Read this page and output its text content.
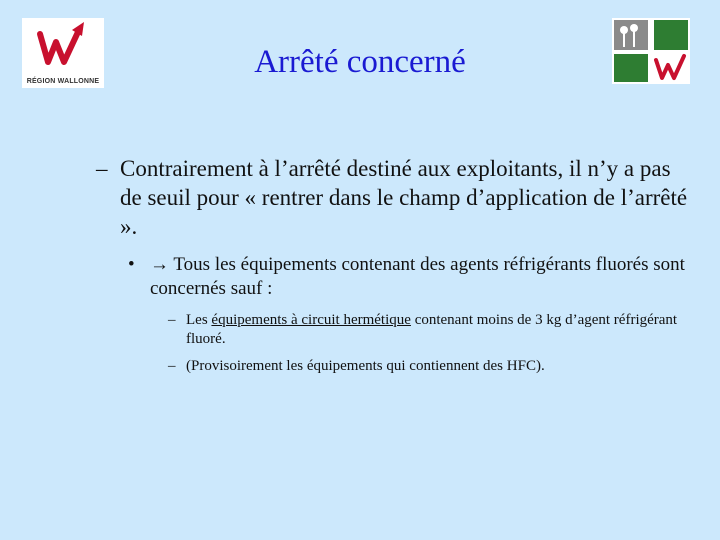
RÉGION WALLONNE
Arrêté concerné
– Contrairement à l’arrêté destiné aux exploitants, il n’y a pas de seuil pour « rentrer dans le champ d’application de l’arrêté ».
• → Tous les équipements contenant des agents réfrigérants fluorés sont concernés sauf :
– Les équipements à circuit hermétique contenant moins de 3 kg d’agent réfrigérant fluoré.
– (Provisoirement les équipements qui contiennent des HFC).
